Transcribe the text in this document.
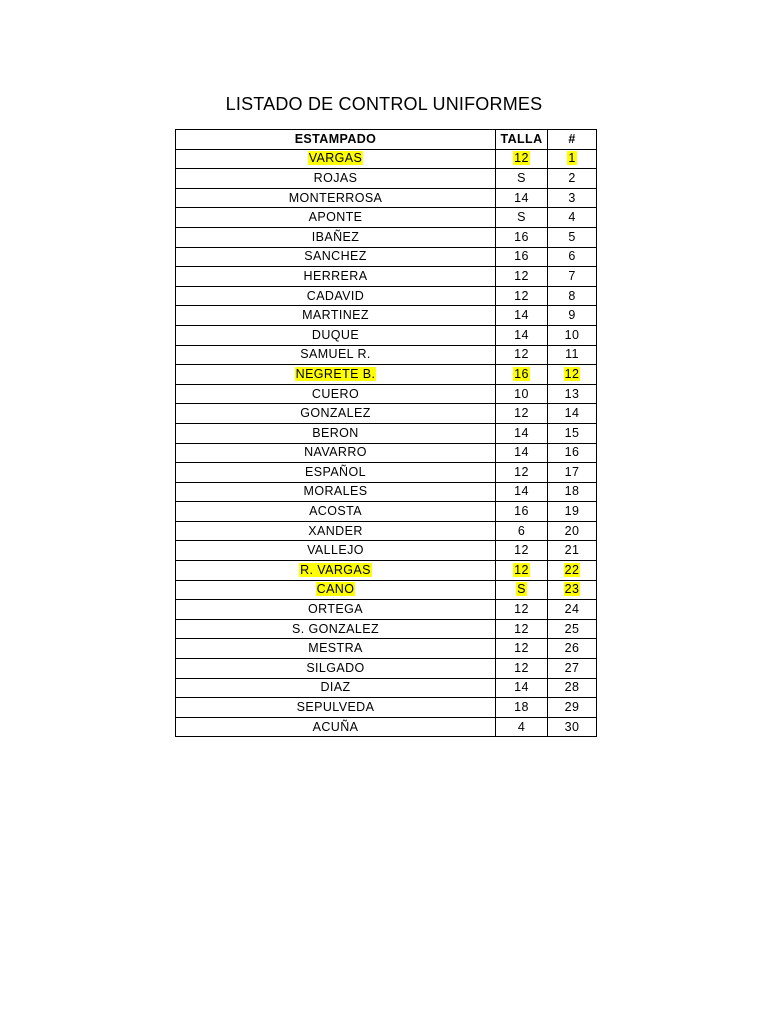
LISTADO DE CONTROL UNIFORMES
ESTAMPADO	TALLA	#
VARGAS	12	1
ROJAS	S	2
MONTERROSA	14	3
APONTE	S	4
IBAÑEZ	16	5
SANCHEZ	16	6
HERRERA	12	7
CADAVID	12	8
MARTINEZ	14	9
DUQUE	14	10
SAMUEL R.	12	11
NEGRETE B.	16	12
CUERO	10	13
GONZALEZ	12	14
BERON	14	15
NAVARRO	14	16
ESPAÑOL	12	17
MORALES	14	18
ACOSTA	16	19
XANDER	6	20
VALLEJO	12	21
R. VARGAS	12	22
CANO	S	23
ORTEGA	12	24
S. GONZALEZ	12	25
MESTRA	12	26
SILGADO	12	27
DIAZ	14	28
SEPULVEDA	18	29
ACUÑA	4	30
